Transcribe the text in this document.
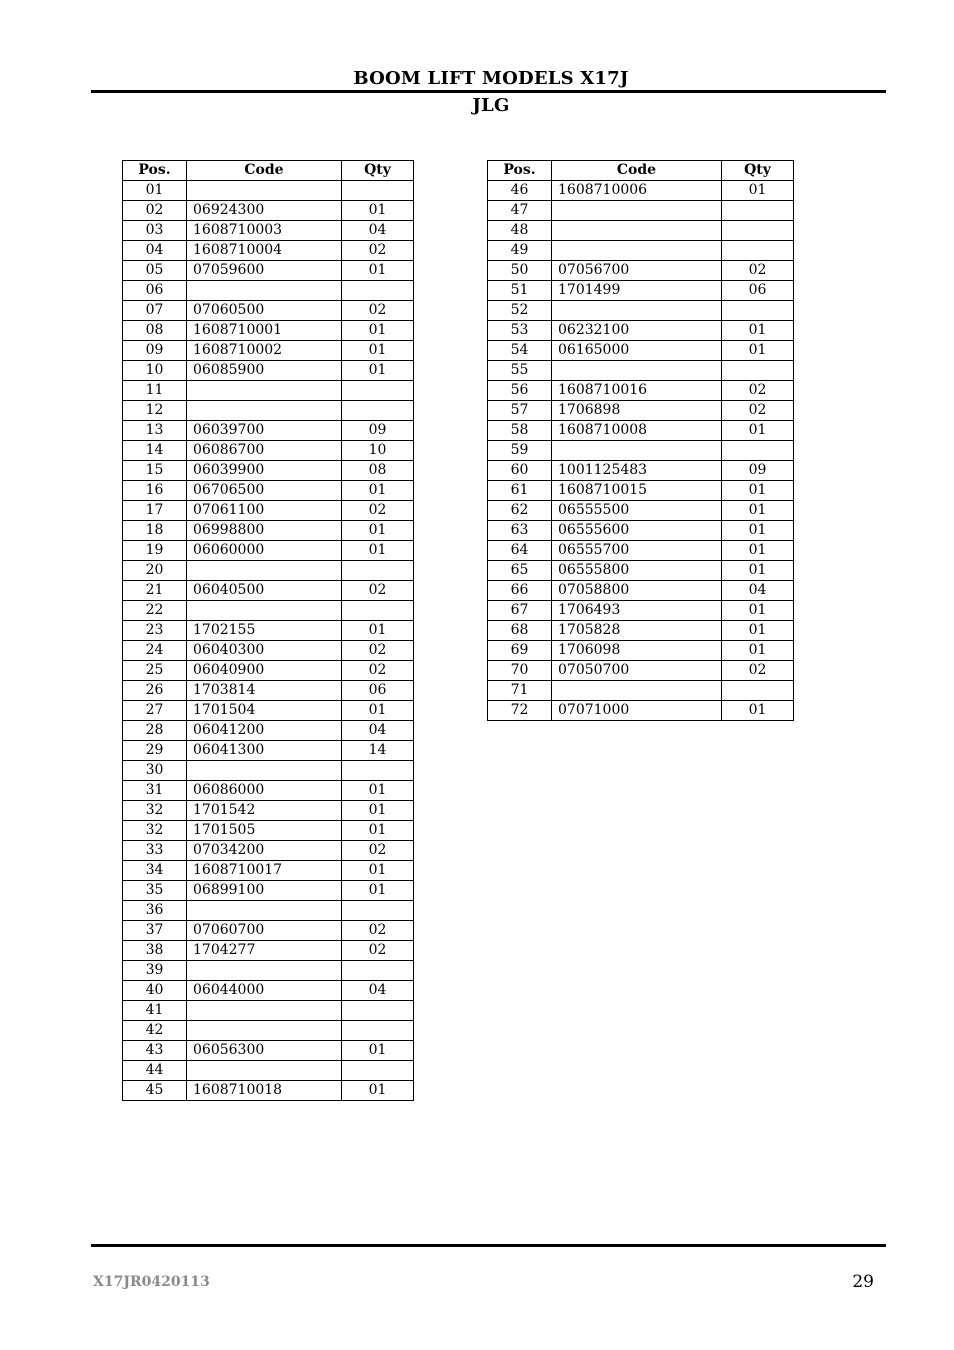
BOOM LIFT MODELS X17J
JLG
Pos.	Code	Qty
01		
02	06924300	01
03	1608710003	04
04	1608710004	02
05	07059600	01
06		
07	07060500	02
08	1608710001	01
09	1608710002	01
10	06085900	01
11		
12		
13	06039700	09
14	06086700	10
15	06039900	08
16	06706500	01
17	07061100	02
18	06998800	01
19	06060000	01
20		
21	06040500	02
22		
23	1702155	01
24	06040300	02
25	06040900	02
26	1703814	06
27	1701504	01
28	06041200	04
29	06041300	14
30		
31	06086000	01
32	1701542	01
32	1701505	01
33	07034200	02
34	1608710017	01
35	06899100	01
36		
37	07060700	02
38	1704277	02
39		
40	06044000	04
41		
42		
43	06056300	01
44		
45	1608710018	01
Pos.	Code	Qty
46	1608710006	01
47		
48		
49		
50	07056700	02
51	1701499	06
52		
53	06232100	01
54	06165000	01
55		
56	1608710016	02
57	1706898	02
58	1608710008	01
59		
60	1001125483	09
61	1608710015	01
62	06555500	01
63	06555600	01
64	06555700	01
65	06555800	01
66	07058800	04
67	1706493	01
68	1705828	01
69	1706098	01
70	07050700	02
71		
72	07071000	01
X17JR0420113	29
